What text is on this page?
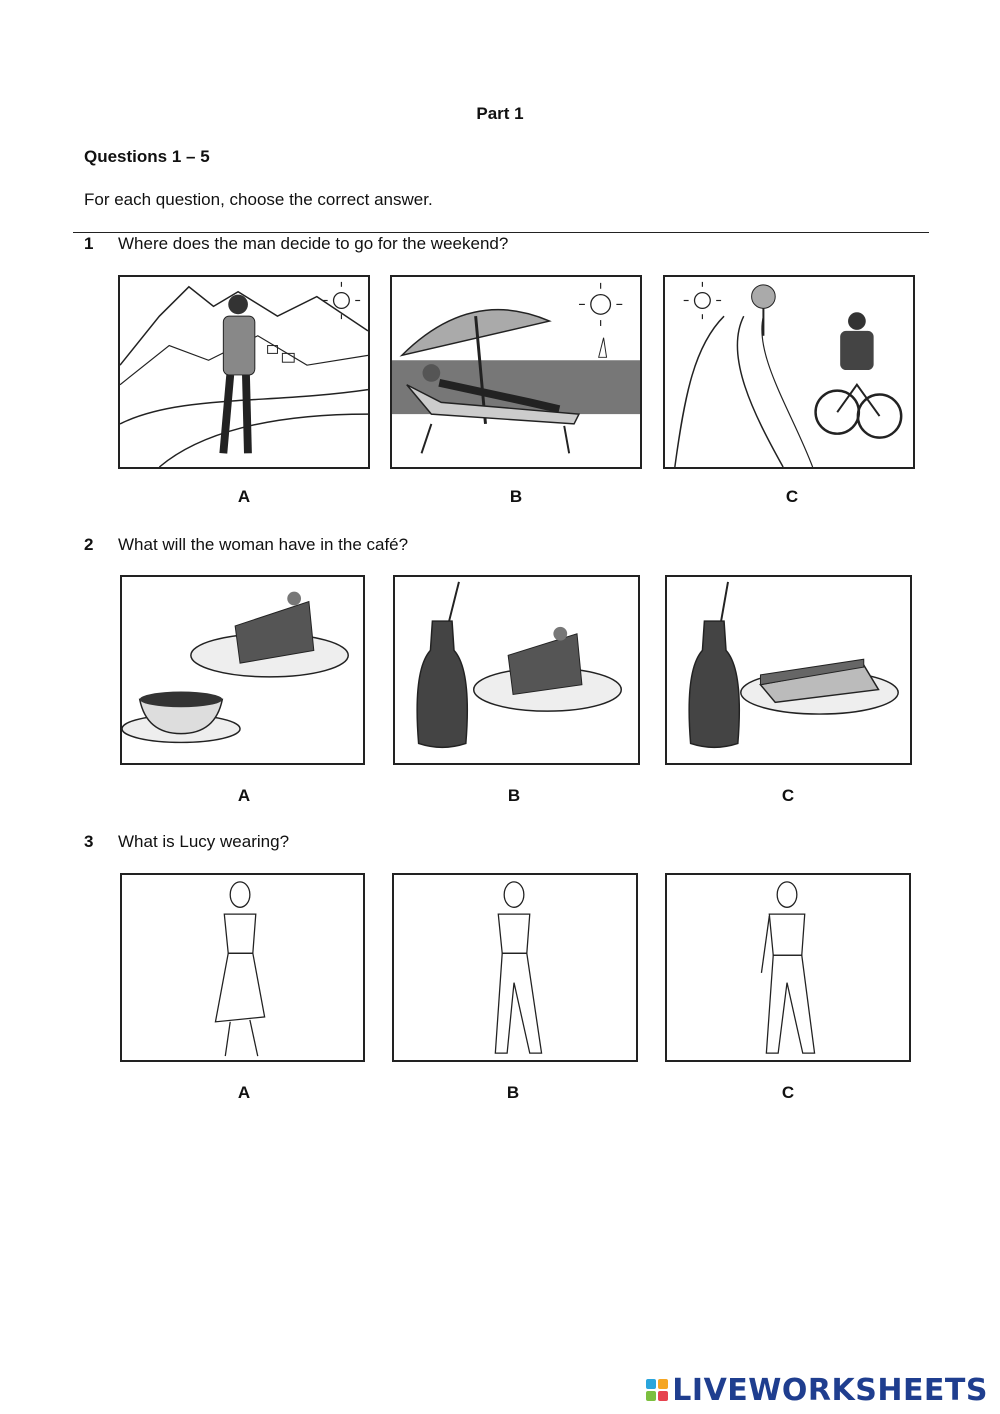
Part 1
Questions 1 – 5
For each question, choose the correct answer.
1 Where does the man decide to go for the weekend?
A	B	C
2 What will the woman have in the café?
A	B	C
3 What is Lucy wearing?
A	B	C
LIVEWORKSHEETS
